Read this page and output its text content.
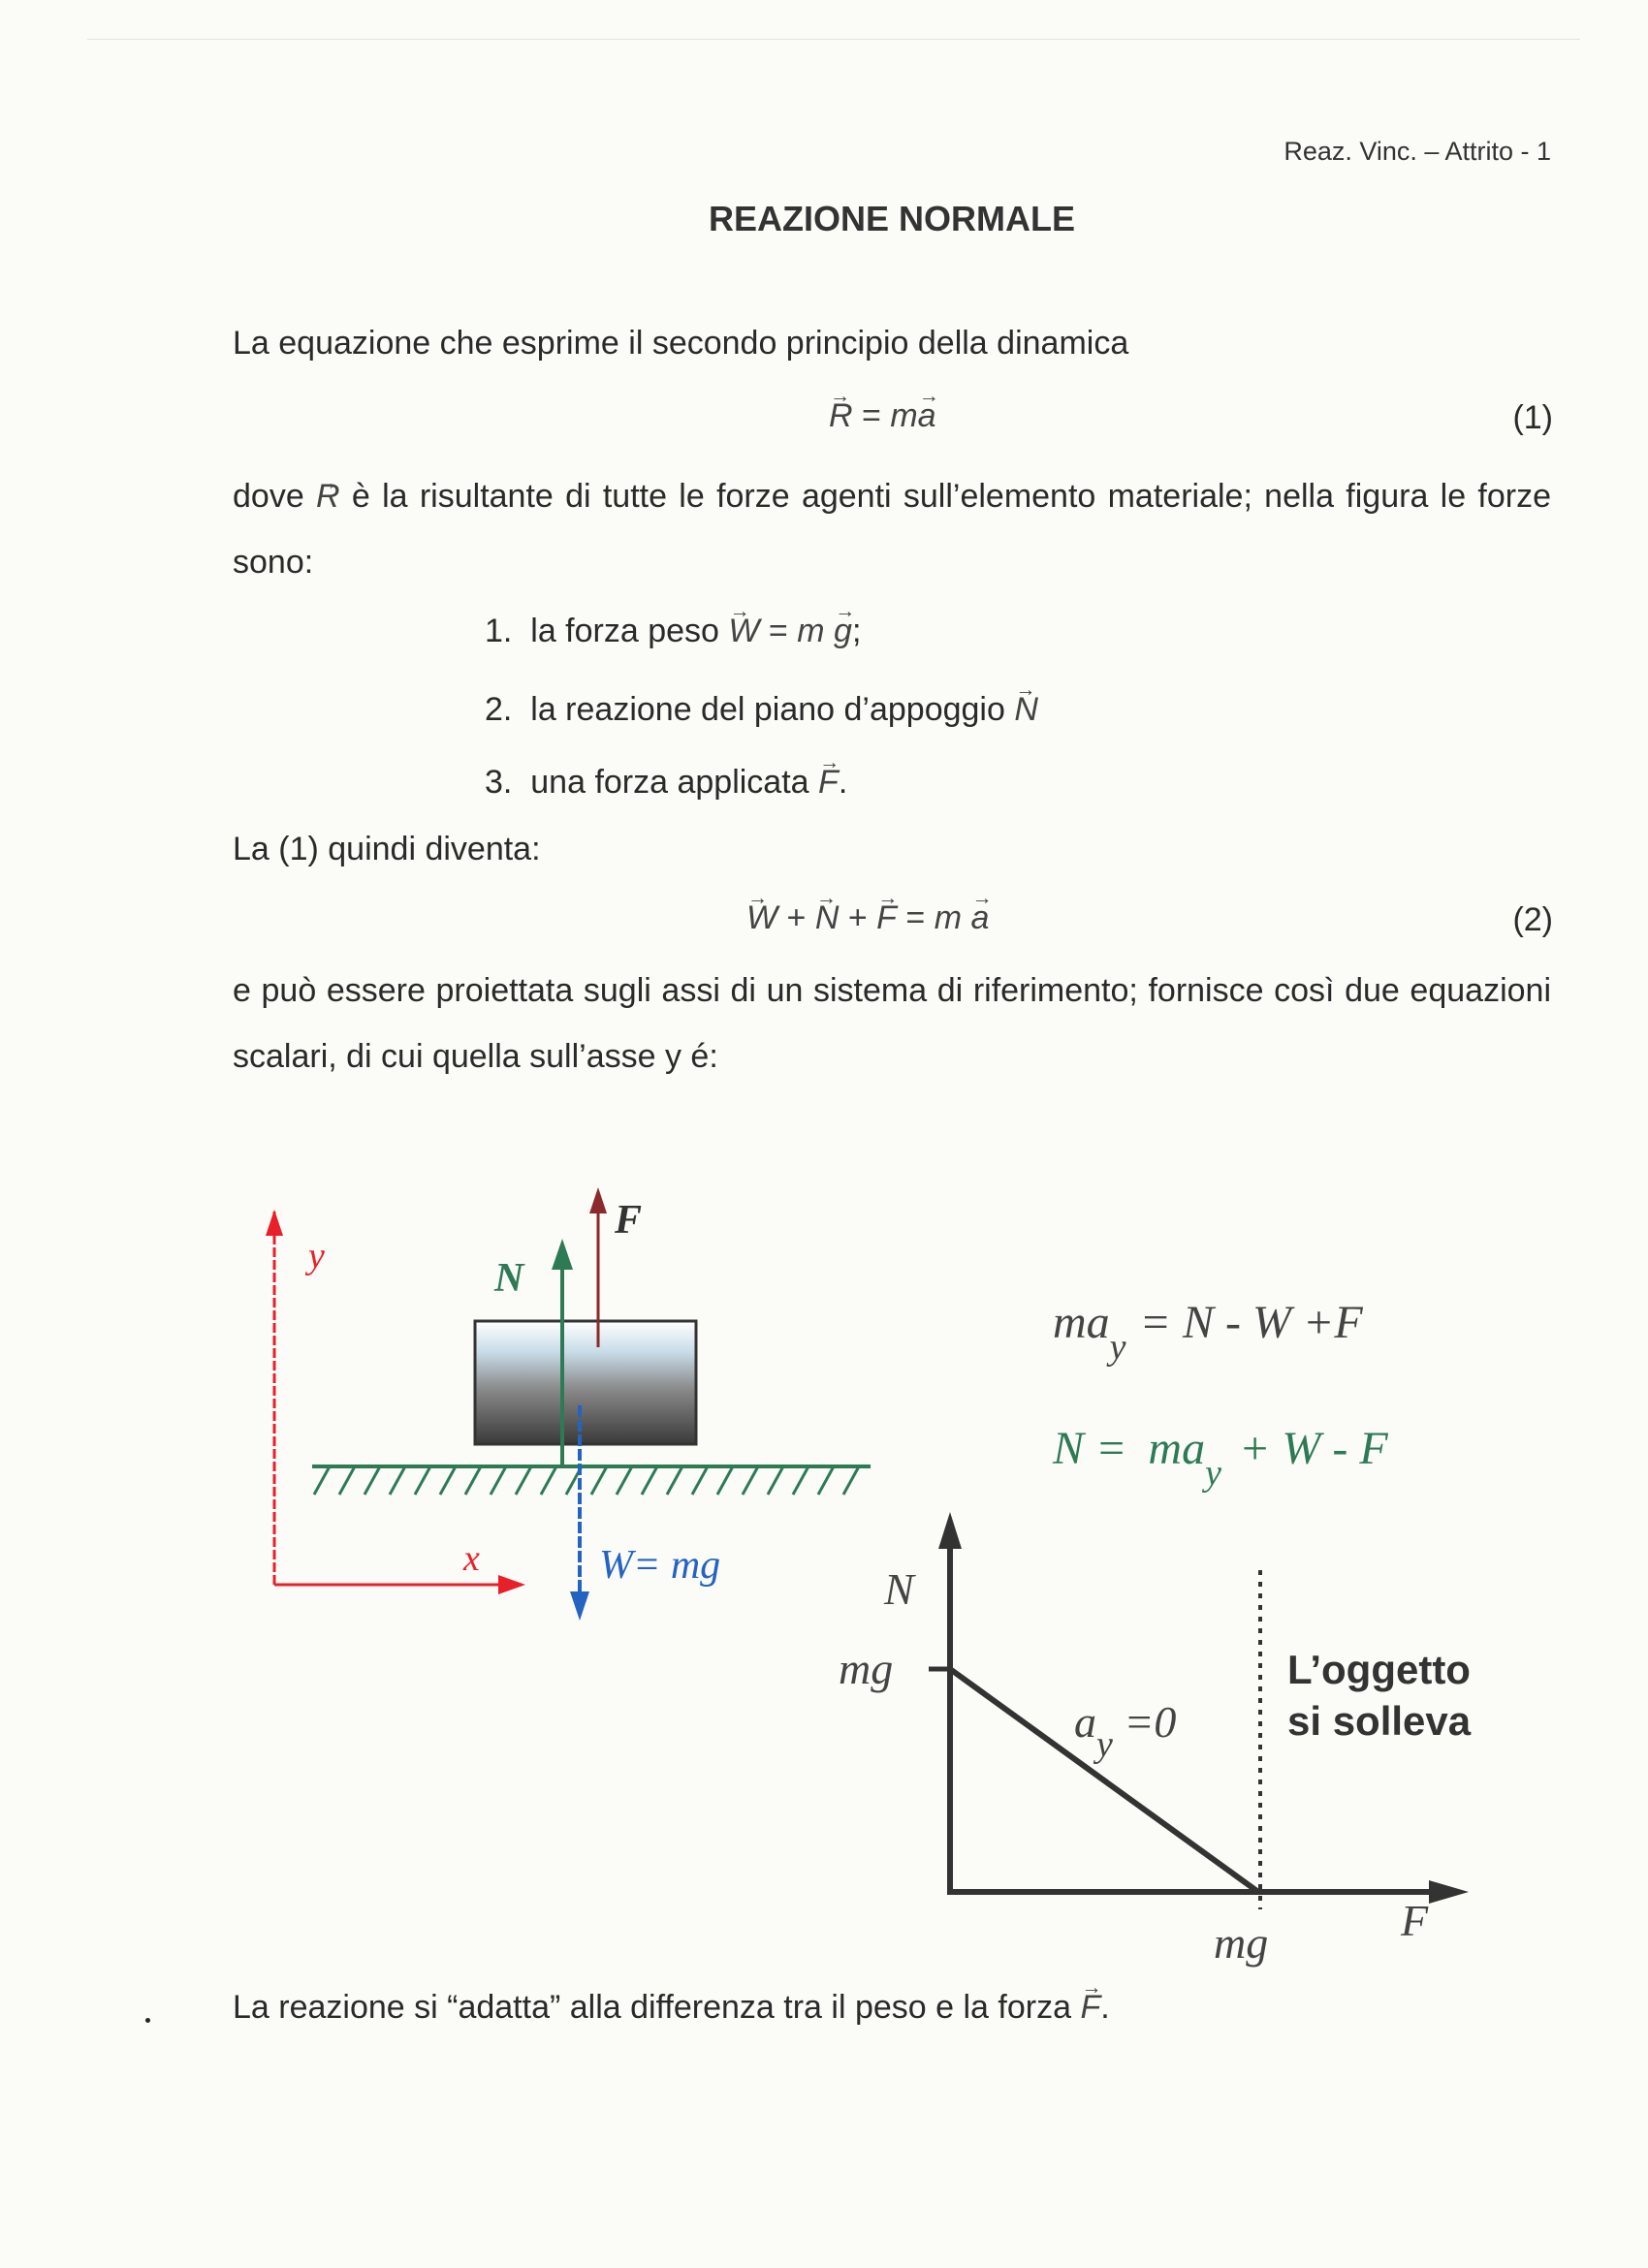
Reaz. Vinc. – Attrito - 1
REAZIONE NORMALE
La equazione che esprime il secondo principio della dinamica
→ R = m→ a	(1)
dove → R è la risultante di tutte le forze agenti sull’elemento materiale; nella figura le forze sono:
1. la forza peso → W = m → g;
2. la reazione del piano d’appoggio → N
3. una forza applicata → F.
La (1) quindi diventa:
→ W + → N + → F = m → a	(2)
e può essere proiettata sugli assi di un sistema di riferimento; fornisce così due equazioni scalari, di cui quella sull’asse y é:
y
x
F
N
W= mg
$ma_y = N - W +F$
$N = ma_y + W - F$
N
mg
$a_y =0$
L’oggetto
si solleva
mg	F
La reazione si “adatta” alla differenza tra il peso e la forza → F.
